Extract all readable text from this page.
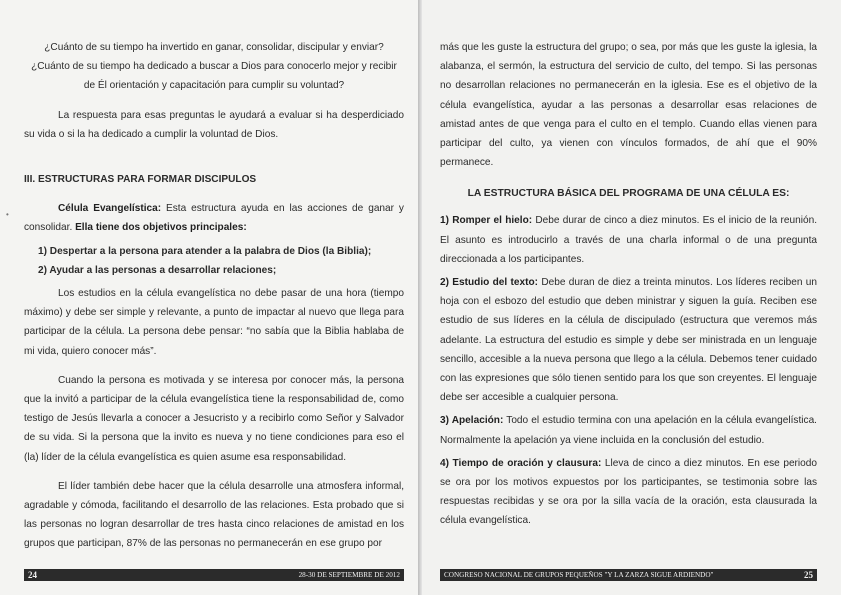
•

¿Cuánto de su tiempo ha invertido en ganar, consolidar, discipular y enviar?

¿Cuánto de su tiempo ha dedicado a buscar a Dios para conocerlo mejor y recibir

de Él orientación y capacitación para cumplir su voluntad?

La respuesta para esas preguntas le ayudará a evaluar si ha desperdiciado su vida o si la ha dedicado a cumplir la voluntad de Dios.

III. ESTRUCTURAS PARA FORMAR DISCIPULOS

Célula Evangelística: Esta estructura ayuda en las acciones de ganar y consolidar. Ella tiene dos objetivos principales:

1) Despertar a la persona para atender a la palabra de Dios (la Biblia);

2) Ayudar a las personas a desarrollar relaciones;

Los estudios en la célula evangelística no debe pasar de una hora (tiempo máximo) y debe ser simple y relevante, a punto de impactar al nuevo que llega para participar de la célula. La persona debe pensar: “no sabía que la Biblia hablaba de mi vida, quiero conocer más”.

Cuando la persona es motivada y se interesa por conocer más, la persona que la invitó a participar de la célula evangelística tiene la responsabilidad de, como testigo de Jesús llevarla a conocer a Jesucristo y a recibirlo como Señor y Salvador de su vida. Si la persona que la invito es nueva y no tiene condiciones para eso el (la) líder de la célula evangelística es quien asume esa responsabilidad.

El líder también debe hacer que la célula desarrolle una atmosfera informal, agradable y cómoda, facilitando el desarrollo de las relaciones. Esta probado que si las personas no logran desarrollar de tres hasta cinco relaciones de amistad en los grupos que participan, 87% de las personas no permanecerán en ese grupo por

24	28-30 DE SEPTIEMBRE DE 2012

más que les guste la estructura del grupo; o sea, por más que les guste la iglesia, la alabanza, el sermón, la estructura del servicio de culto, del tempo. Si las personas no desarrollan relaciones no permanecerán en la iglesia. Ese es el objetivo de la célula evangelística, ayudar a las personas a desarrollar esas relaciones de amistad antes de que venga para el culto en el templo. Cuando ellas vienen para participar del culto, ya vienen con vínculos formados, de ahí que el 90% permanece.

LA ESTRUCTURA BÁSICA DEL PROGRAMA DE UNA CÉLULA ES:

1) Romper el hielo: Debe durar de cinco a diez minutos. Es el inicio de la reunión. El asunto es introducirlo a través de una charla informal o de una pregunta direccionada a los participantes.

2) Estudio del texto: Debe duran de diez a treinta minutos. Los líderes reciben un hoja con el esbozo del estudio que deben ministrar y siguen la guía. Reciben ese estudio de sus líderes en la célula de discipulado (estructura que veremos más adelante. La estructura del estudio es simple y debe ser ministrada en un lenguaje sencillo, accesible a la nueva persona que llego a la célula. Debemos tener cuidado con las expresiones que sólo tienen sentido para los que son creyentes. El lenguaje debe ser accesible a cualquier persona.

3) Apelación: Todo el estudio termina con una apelación en la célula evangelística. Normalmente la apelación ya viene incluida en la conclusión del estudio.

4) Tiempo de oración y clausura: Lleva de cinco a diez minutos. En ese periodo se ora por los motivos expuestos por los participantes, se testimonia sobre las respuestas recibidas y se ora por la silla vacía de la oración, esta clausurada la célula evangelística.

CONGRESO NACIONAL DE GRUPOS PEQUEÑOS "Y LA ZARZA SIGUE ARDIENDO"	25
